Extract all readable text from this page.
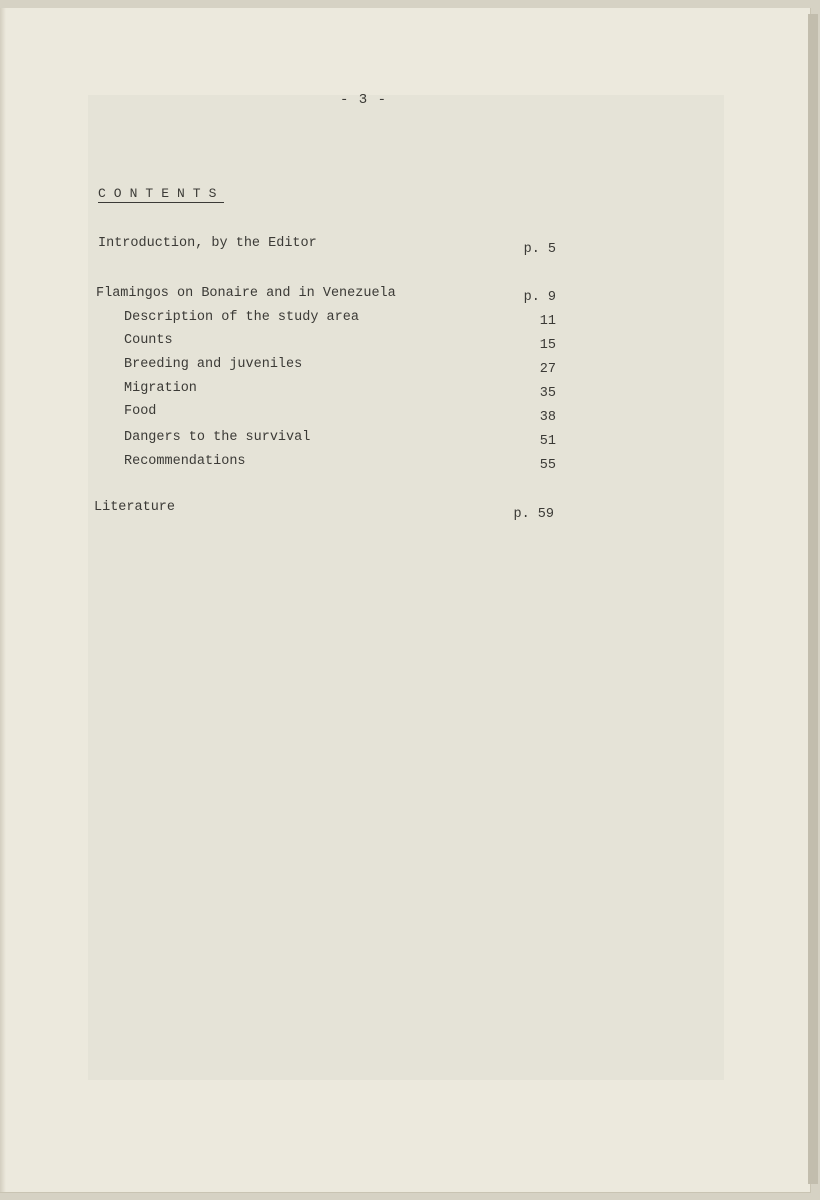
- 3 -
CONTENTS
Introduction, by the Editor	p. 5
Flamingos on Bonaire and in Venezuela	p. 9
Description of the study area	11
Counts	15
Breeding and juveniles	27
Migration	35
Food	38
Dangers to the survival	51
Recommendations	55
Literature	p. 59
